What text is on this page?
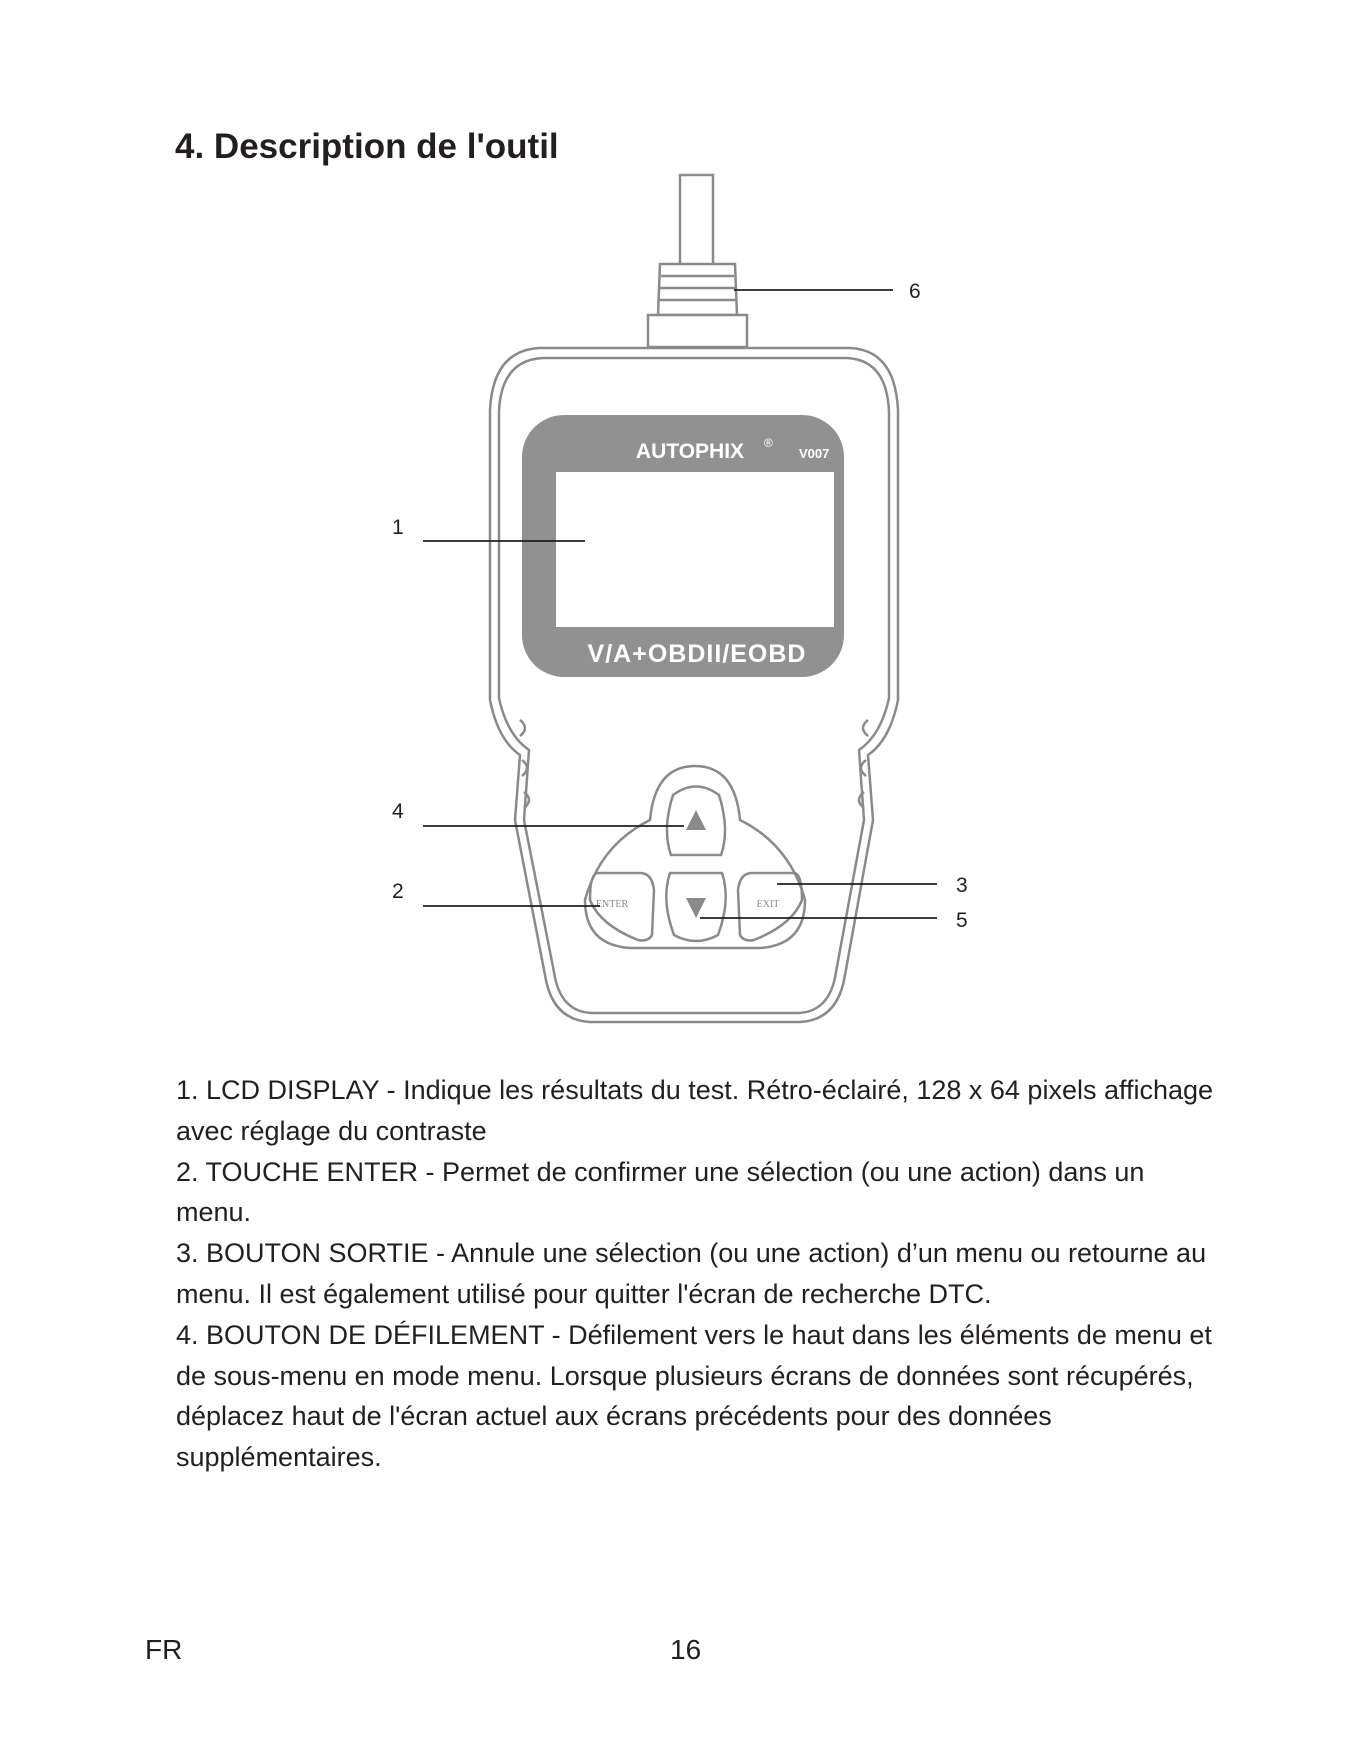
4. Description de l'outil
AUTOPHIX ®
V007
V/A+OBDII/EOBD
ENTER	EXIT
6
1
4
2	3
5

1. LCD DISPLAY - Indique les résultats du test. Rétro-éclairé, 128 x 64 pixels affichage avec réglage du contraste

2. TOUCHE ENTER - Permet de confirmer une sélection (ou une action) dans un menu.

3. BOUTON SORTIE - Annule une sélection (ou une action) d’un menu ou retourne au menu. Il est également utilisé pour quitter l'écran de recherche DTC.

4. BOUTON DE DÉFILEMENT - Défilement vers le haut dans les éléments de menu et de sous-menu en mode menu. Lorsque plusieurs écrans de données sont récupérés, déplacez haut de l'écran actuel aux écrans précédents pour des données supplémentaires.

FR	16
